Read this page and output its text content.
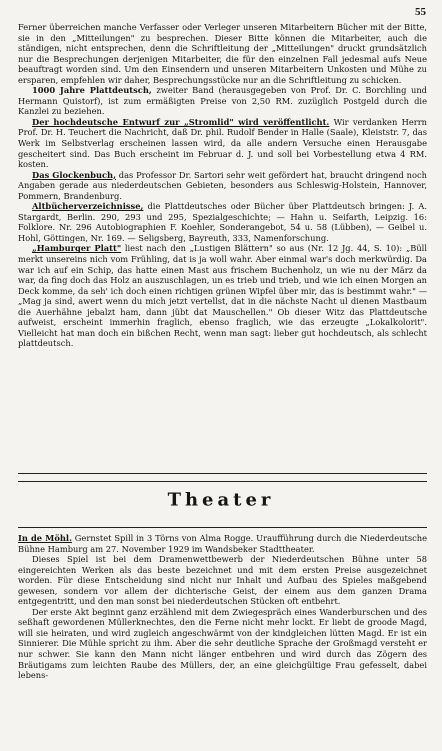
55

Ferner überreichen manche Verfasser oder Verleger unseren Mitarbeitern Bücher mit der Bitte, sie in den „Mitteilungen" zu besprechen. Dieser Bitte können die Mitarbeiter, auch die ständigen, nicht entsprechen, denn die Schriftleitung der „Mitteilungen" druckt grundsätzlich nur die Besprechungen derjenigen Mitarbeiter, die für den einzelnen Fall jedesmal aufs Neue beauftragt worden sind. Um den Einsendern und unseren Mitarbeitern Unkosten und Mühe zu ersparen, empfehlen wir daher, Besprechungsstücke nur an die Schriftleitung zu schicken.

1000 Jahre Plattdeutsch, zweiter Band (herausgegeben von Prof. Dr. C. Borchling und Hermann Quistorf), ist zum ermäßigten Preise von 2,50 RM. zuzüglich Postgeld durch die Kanzlei zu beziehen.

Der hochdeutsche Entwurf zur „Stromlid" wird veröffentlicht. Wir verdanken Herrn Prof. Dr. H. Teuchert die Nachricht, daß Dr. phil. Rudolf Bender in Halle (Saale), Kleiststr. 7, das Werk im Selbstverlag erscheinen lassen wird, da alle andern Versuche einen Herausgabe gescheitert sind. Das Buch erscheint im Februar d. J. und soll bei Vorbestellung etwa 4 RM. kosten.

Das Glockenbuch, das Professor Dr. Sartori sehr weit gefördert hat, braucht dringend noch Angaben gerade aus niederdeutschen Gebieten, besonders aus Schleswig-Holstein, Hannover, Pommern, Brandenburg.

Altbücherverzeichnisse, die Plattdeutsches oder Bücher über Plattdeutsch bringen: J. A. Stargardt, Berlin. 290, 293 und 295, Spezialgeschichte; — Hahn u. Seifarth, Leipzig. 16: Folklore. Nr. 296 Autobiographien F. Koehler, Sonderangebot, 54 u. 58 (Lübben), — Geibel u. Hohl, Göttingen, Nr. 169. — Seligsberg, Bayreuth, 333, Namenforschung.

„Hamburger Platt" liest nach den „Lustigen Blättern" so aus (Nr. 12 Jg. 44, S. 10): „Büll merkt unsereins nich vom Frühling, dat is ja woll wahr. Aber einmal war's doch merkwürdig. Da war ich auf ein Schip, das hatte einen Mast aus frischem Buchenholz, un wie nu der März da war, da fing doch das Holz an auszuschlagen, un es trieb und trieb, und wie ich einen Morgen an Deck komme, da seh' ich doch einen richtigen grünen Wipfel über mir, das is bestimmt wahr." — „Mag ja sind, awert wenn du mich jetzt vertellst, dat in die nächste Nacht ul dienen Mastbaum die Auerhähne jebalzt ham, dann jübt dat Mauschellen." Ob dieser Witz das Plattdeutsche aufweist, erscheint immerhin fraglich, ebenso fraglich, wie das erzeugte „Lokalkolorit". Vielleicht hat man doch ein bißchen Recht, wenn man sagt: lieber gut hochdeutsch, als schlecht plattdeutsch.

Theater

In de Möhl. Gernstet Spill in 3 Törns von Alma Rogge. Uraufführung durch die Niederdeutsche Bühne Hamburg am 27. November 1929 im Wandsbeker Stadttheater.

Dieses Spiel ist bei dem Dramenwettbewerb der Niederdeutschen Bühne unter 58 eingereichten Werken als das beste bezeichnet und mit dem ersten Preise ausgezeichnet worden. Für diese Entscheidung sind nicht nur Inhalt und Aufbau des Spieles maßgebend gewesen, sondern vor allem der dichterische Geist, der einem aus dem ganzen Drama entgegentritt, und den man sonst bei niederdeutschen Stücken oft entbehrt.

Der erste Akt beginnt ganz erzählend mit dem Zwiegespräch eines Wanderburschen und des seßhaft gewordenen Müllerknechtes, den die Ferne nicht mehr lockt. Er liebt de groode Magd, will sie heiraten, und wird zugleich angeschwärmt von der kindgleichen lütten Magd. Er ist ein Sinnierer. Die Mühle spricht zu ihm. Aber die sehr deutliche Sprache der Großmagd versteht er nur schwer. Sie kann den Mann nicht länger entbehren und wird durch das Zögern des Bräutigams zum leichten Raube des Müllers, der, an eine gleichgültige Frau gefesselt, dabei lebens-
